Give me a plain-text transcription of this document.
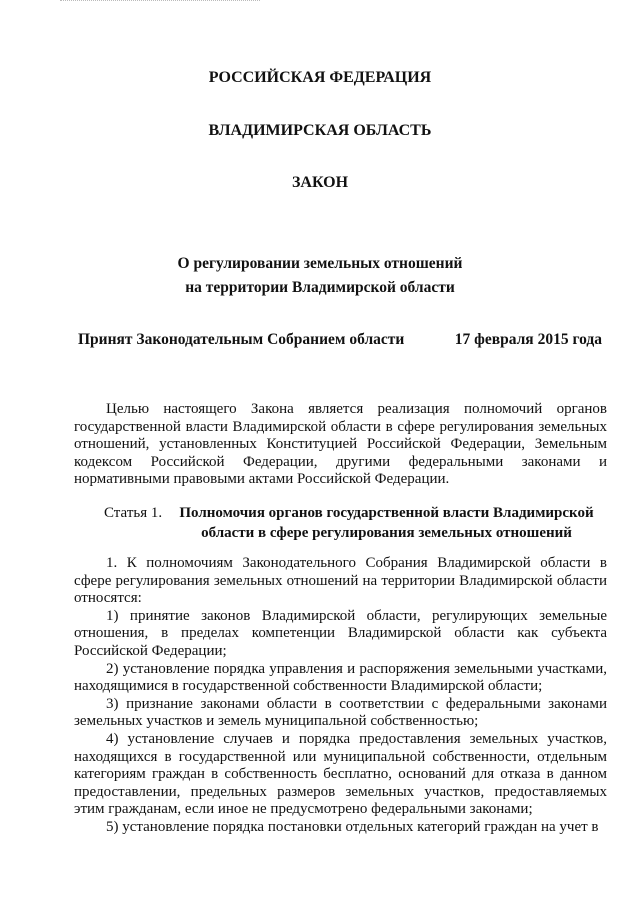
РОССИЙСКАЯ ФЕДЕРАЦИЯ
ВЛАДИМИРСКАЯ ОБЛАСТЬ
ЗАКОН
О регулировании земельных отношений
на территории Владимирской области
Принят Законодательным Собранием области	17 февраля 2015 года
Целью настоящего Закона является реализация полномочий органов государственной власти Владимирской области в сфере регулирования земельных отношений, установленных Конституцией Российской Федерации, Земельным кодексом Российской Федерации, другими федеральными законами и нормативными правовыми актами Российской Федерации.
Статья 1.	Полномочия органов государственной власти Владимирской области в сфере регулирования земельных отношений

1. К полномочиям Законодательного Собрания Владимирской области в сфере регулирования земельных отношений на территории Владимирской области относятся:

1) принятие законов Владимирской области, регулирующих земельные отношения, в пределах компетенции Владимирской области как субъекта Российской Федерации;

2) установление порядка управления и распоряжения земельными участками, находящимися в государственной собственности Владимирской области;

3) признание законами области в соответствии с федеральными законами земельных участков и земель муниципальной собственностью;

4) установление случаев и порядка предоставления земельных участков, находящихся в государственной или муниципальной собственности, отдельным категориям граждан в собственность бесплатно, оснований для отказа в данном предоставлении, предельных размеров земельных участков, предоставляемых этим гражданам, если иное не предусмотрено федеральными законами;

5) установление порядка постановки отдельных категорий граждан на учет в
